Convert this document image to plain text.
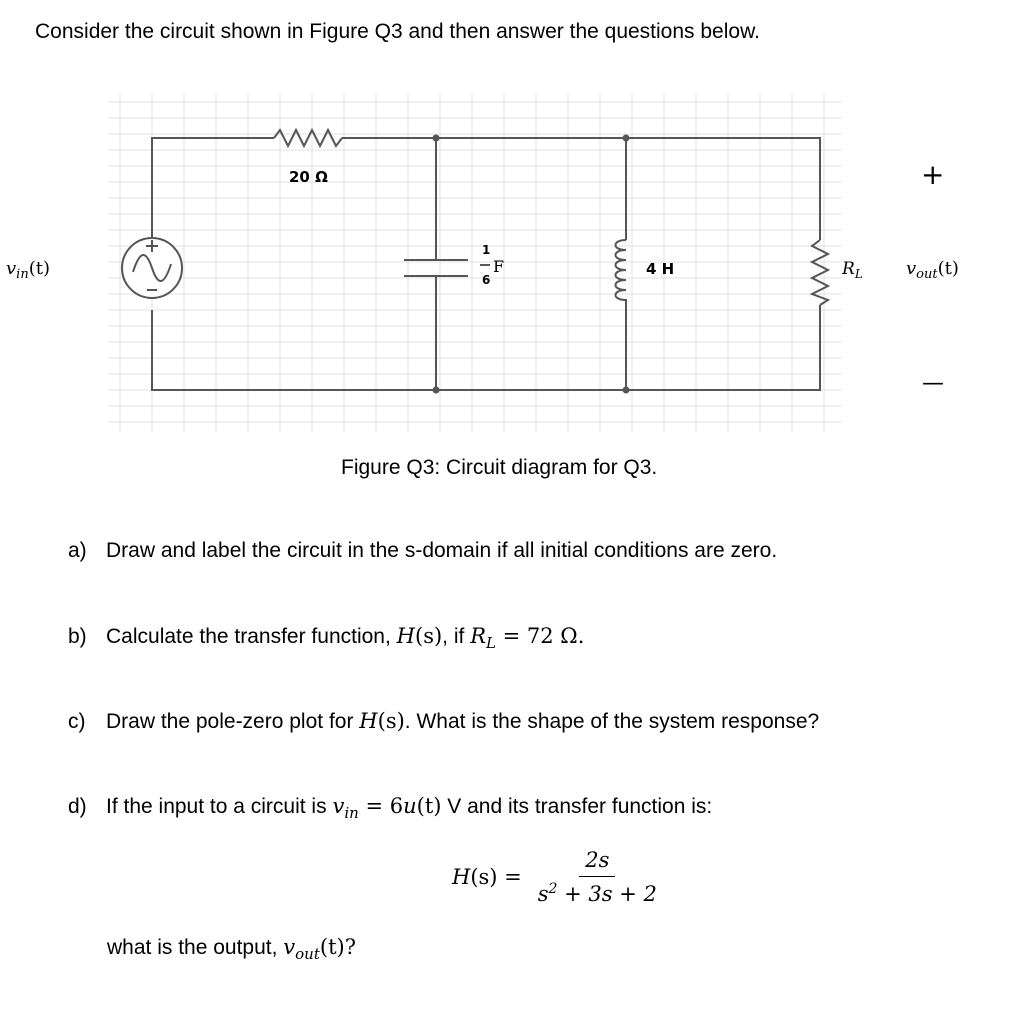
Consider the circuit shown in Figure Q3 and then answer the questions below.
20 Ω
1
6
F	4 H	$R_L$
$v_{in}(t)$	$v_{out}(t)$
+
—
Figure Q3: Circuit diagram for Q3.
a) Draw and label the circuit in the s-domain if all initial conditions are zero.
b) Calculate the transfer function, H(s), if $R_L = 72$ Ω.
c) Draw the pole-zero plot for H(s). What is the shape of the system response?
d) If the input to a circuit is $v_{in} = 6u(t)$ V and its transfer function is:
$H(s) = \frac{2s}{s^2 + 3s + 2}$
what is the output, $v_{out}(t)$?
